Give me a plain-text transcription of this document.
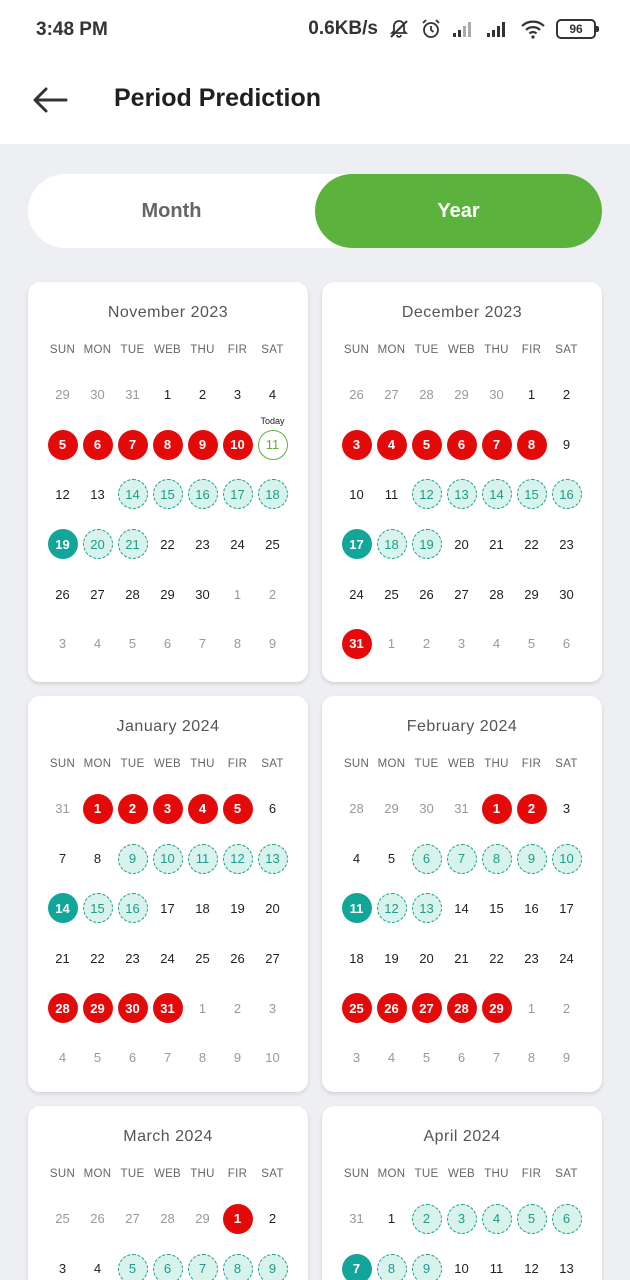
3:48 PM	0.6KB/s	96
Period Prediction
Month	Year
November 2023
SUN MON TUE WEB THU	FIR	SAT
29	30	31	1	2	3	4
5	6	7	8	9	10	11
Today
12	13	14	15	16	17	18
19	20	21	22	23	24	25
26	27	28	29	30	1	2
3	4	5	6	7	8	9
December 2023
SUN MON TUE WEB THU	FIR	SAT
26	27	28	29	30	1	2
3	4	5	6	7	8	9
10	11	12	13	14	15	16
17	18	19	20	21	22	23
24	25	26	27	28	29	30
31	1	2	3	4	5	6
January 2024
SUN MON TUE WEB THU	FIR	SAT
31	1	2	3	4	5	6
7	8	9	10	11	12	13
14	15	16	17	18	19	20
21	22	23	24	25	26	27
28	29	30	31	1	2	3
4	5	6	7	8	9	10
February 2024
SUN MON TUE WEB THU	FIR	SAT
28	29	30	31	1	2	3
4	5	6	7	8	9	10
11	12	13	14	15	16	17
18	19	20	21	22	23	24
25	26	27	28	29	1	2
3	4	5	6	7	8	9
March 2024
SUN MON TUE WEB THU	FIR	SAT
25	26	27	28	29	1	2
3	4	5	6	7	8	9
April 2024
SUN MON TUE WEB THU	FIR	SAT
31	1	2	3	4	5	6
7	8	9	10	11	12	13
